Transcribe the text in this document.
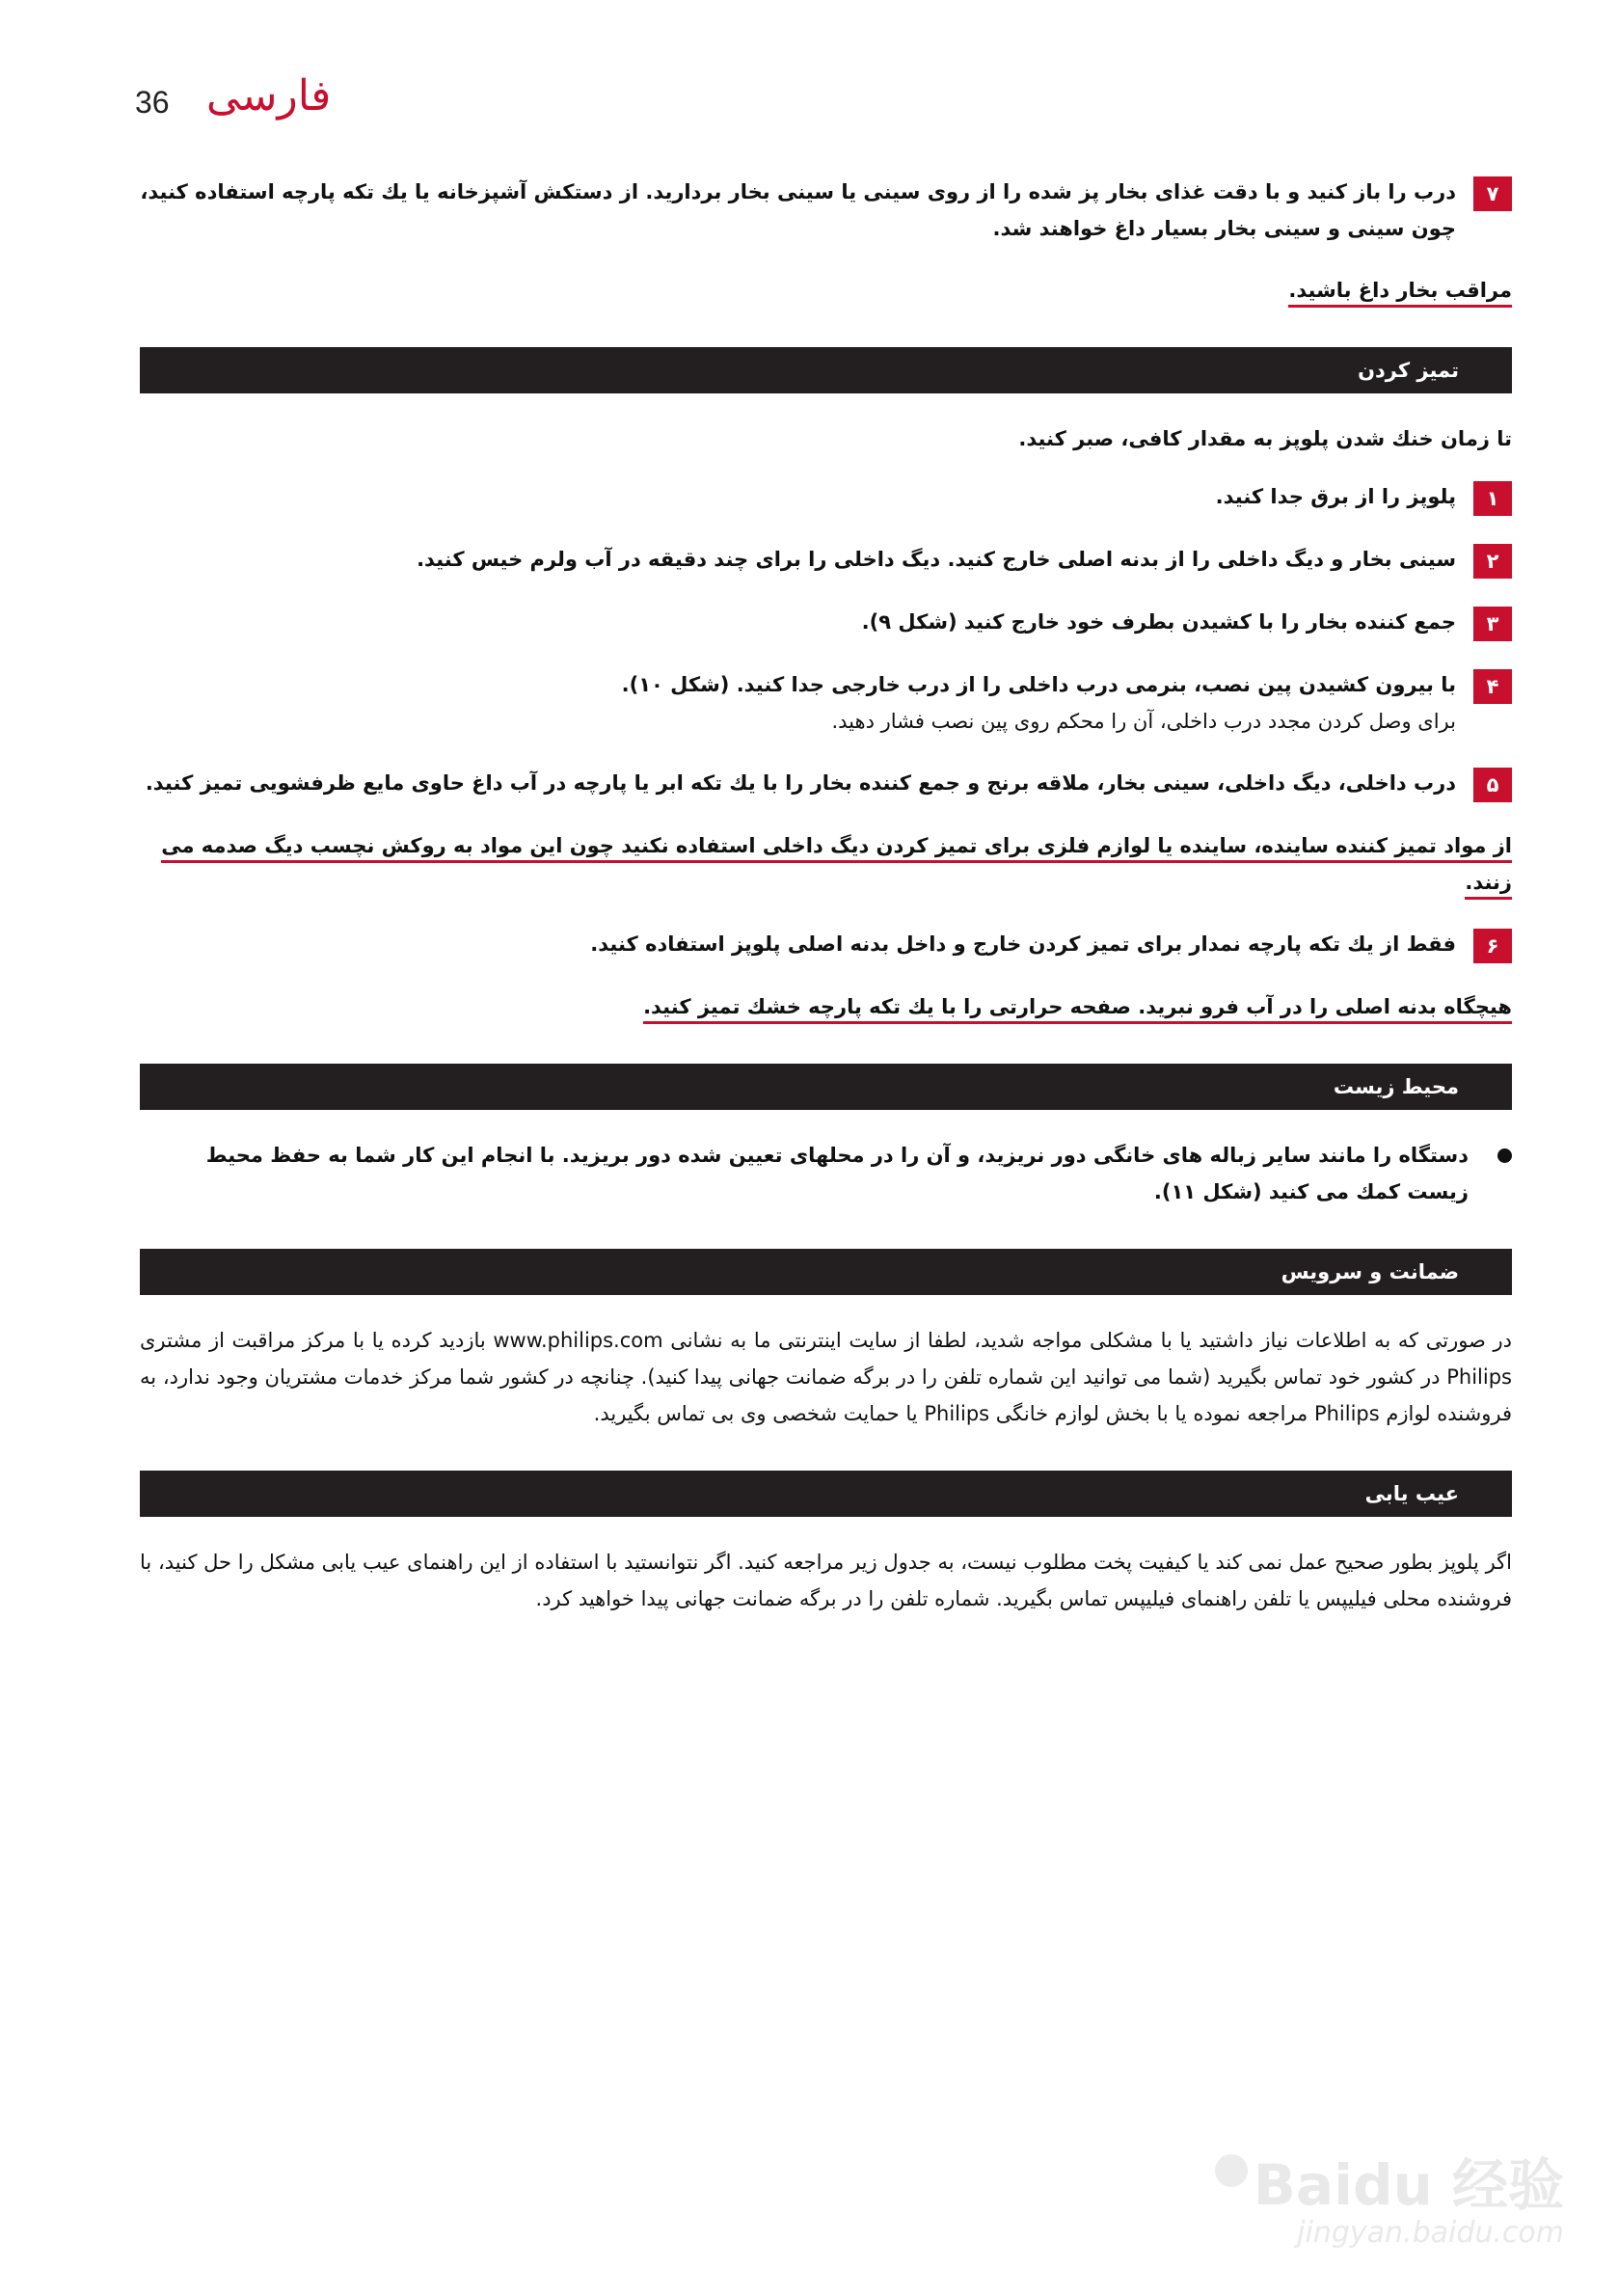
36 فارسی
۷
درب را باز کنید و با دقت غذای بخار پز شده را از روی سینی یا سینی بخار بردارید. از دستکش آشپزخانه یا یك تکه پارچه استفاده کنید، چون سینی و سینی بخار بسیار داغ خواهند شد.
مراقب بخار داغ باشید.
تمیز کردن
تا زمان خنك شدن پلوپز به مقدار کافی، صبر کنید.
۱
پلوپز را از برق جدا کنید.
۲
سینی بخار و دیگ داخلی را از بدنه اصلی خارج کنید. دیگ داخلی را برای چند دقیقه در آب ولرم خیس کنید.
۳
جمع کننده بخار را با کشیدن بطرف خود خارج کنید (شکل ۹).
۴
با بیرون کشیدن پین نصب، بنرمی درب داخلی را از درب خارجی جدا کنید. (شکل ۱۰).
برای وصل کردن مجدد درب داخلی، آن را محکم روی پین نصب فشار دهید.
۵
درب داخلی، دیگ داخلی، سینی بخار، ملاقه برنج و جمع کننده بخار را با یك تکه ابر یا پارچه در آب داغ حاوی مایع ظرفشویی تمیز کنید.
از مواد تمیز کننده ساینده، ساینده یا لوازم فلزی برای تمیز کردن دیگ داخلی استفاده نکنید چون این مواد به روکش نچسب دیگ صدمه می زنند.
۶
فقط از یك تکه پارچه نمدار برای تمیز کردن خارج و داخل بدنه اصلی پلوپز استفاده کنید.
هیچگاه بدنه اصلی را در آب فرو نبرید. صفحه حرارتی را با یك تکه پارچه خشك تمیز کنید.
محیط زیست
دستگاه را مانند سایر زباله های خانگی دور نریزید، و آن را در محلهای تعیین شده دور بریزید. با انجام این کار شما به حفظ محیط زیست کمك می کنید (شکل ۱۱).
ضمانت و سرویس
در صورتی که به اطلاعات نیاز داشتید یا با مشکلی مواجه شدید، لطفا از سایت اینترنتی ما به نشانی www.philips.com بازدید کرده یا با مرکز مراقبت از مشتری Philips در کشور خود تماس بگیرید (شما می توانید این شماره تلفن را در برگه ضمانت جهانی پیدا کنید). چنانچه در کشور شما مرکز خدمات مشتریان وجود ندارد، به فروشنده لوازم Philips مراجعه نموده یا با بخش لوازم خانگی Philips یا حمایت شخصی وی بی تماس بگیرید.
عیب یابی
اگر پلوپز بطور صحیح عمل نمی کند یا کیفیت پخت مطلوب نیست، به جدول زیر مراجعه کنید. اگر نتوانستید با استفاده از این راهنمای عیب یابی مشکل را حل کنید، با فروشنده محلی فیلیپس یا تلفن راهنمای فیلیپس تماس بگیرید. شماره تلفن را در برگه ضمانت جهانی پیدا خواهید کرد.
Baidu 经验
jingyan.baidu.com
